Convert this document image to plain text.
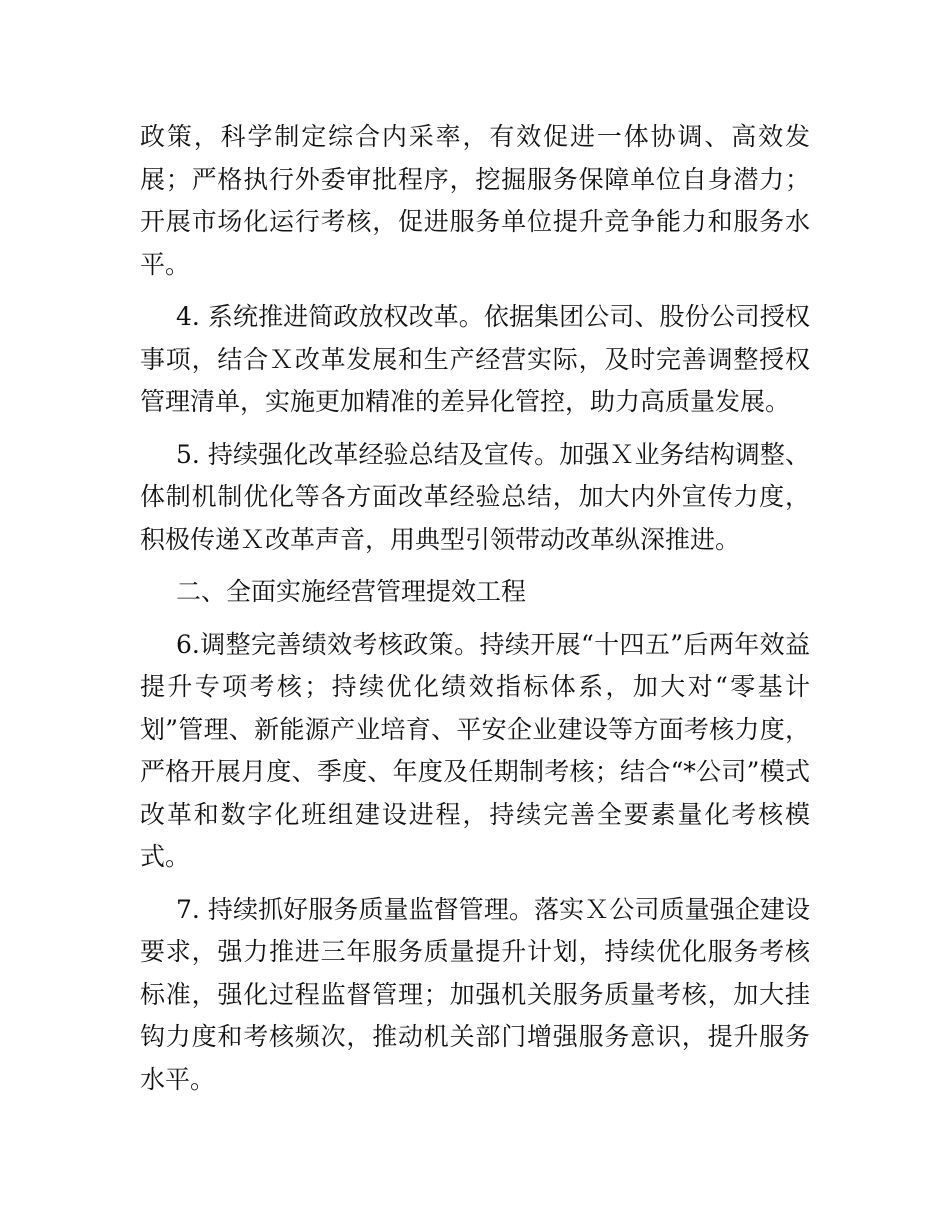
政策，科学制定综合内采率，有效促进一体协调、高效发展；严格执行外委审批程序，挖掘服务保障单位自身潜力；开展市场化运行考核，促进服务单位提升竞争能力和服务水平。

4. 系统推进简政放权改革。依据集团公司、股份公司授权事项，结合Ｘ改革发展和生产经营实际，及时完善调整授权管理清单，实施更加精准的差异化管控，助力高质量发展。

5. 持续强化改革经验总结及宣传。加强Ｘ业务结构调整、体制机制优化等各方面改革经验总结，加大内外宣传力度，积极传递Ｘ改革声音，用典型引领带动改革纵深推进。

二、全面实施经营管理提效工程

6.调整完善绩效考核政策。持续开展“十四五”后两年效益提升专项考核；持续优化绩效指标体系，加大对“零基计划”管理、新能源产业培育、平安企业建设等方面考核力度，严格开展月度、季度、年度及任期制考核；结合“*公司”模式改革和数字化班组建设进程，持续完善全要素量化考核模式。

7. 持续抓好服务质量监督管理。落实Ｘ公司质量强企建设要求，强力推进三年服务质量提升计划，持续优化服务考核标准，强化过程监督管理；加强机关服务质量考核，加大挂钩力度和考核频次，推动机关部门增强服务意识，提升服务水平。
